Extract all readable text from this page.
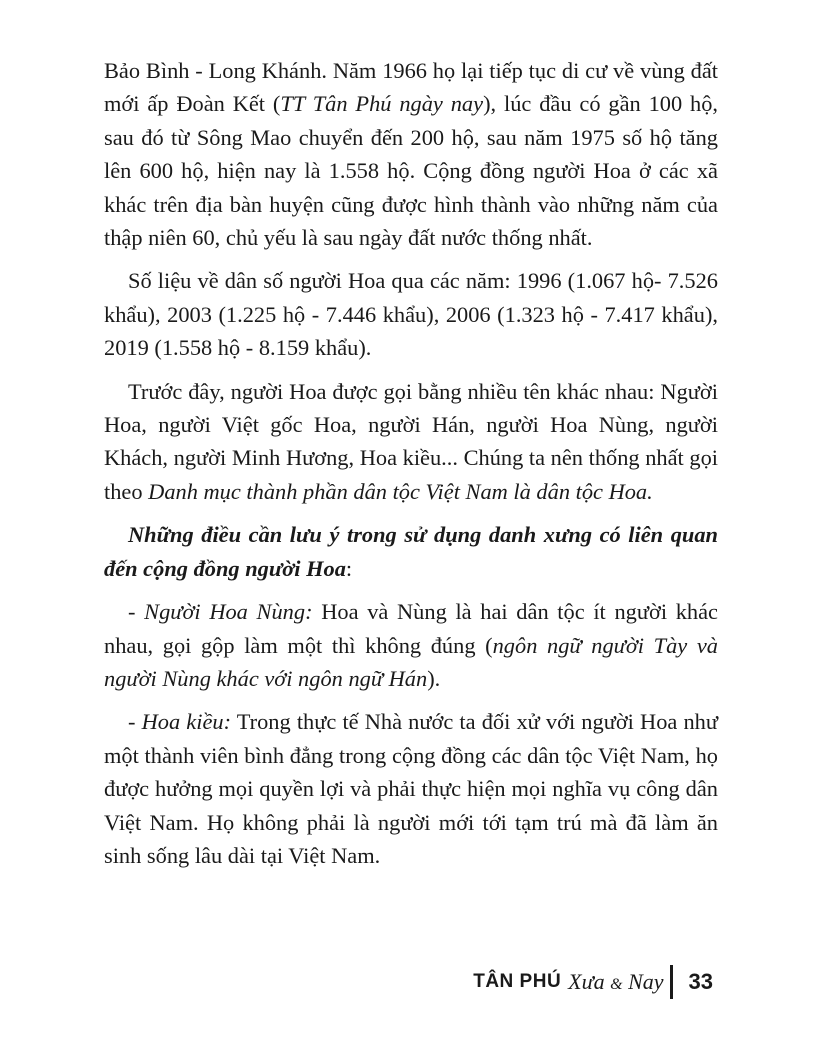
Bảo Bình - Long Khánh. Năm 1966 họ lại tiếp tục di cư về vùng đất mới ấp Đoàn Kết (TT Tân Phú ngày nay), lúc đầu có gần 100 hộ, sau đó từ Sông Mao chuyển đến 200 hộ, sau năm 1975 số hộ tăng lên 600 hộ, hiện nay là 1.558 hộ. Cộng đồng người Hoa ở các xã khác trên địa bàn huyện cũng được hình thành vào những năm của thập niên 60, chủ yếu là sau ngày đất nước thống nhất.

Số liệu về dân số người Hoa qua các năm: 1996 (1.067 hộ- 7.526 khẩu), 2003 (1.225 hộ - 7.446 khẩu), 2006 (1.323 hộ - 7.417 khẩu), 2019 (1.558 hộ - 8.159 khẩu).

Trước đây, người Hoa được gọi bằng nhiều tên khác nhau: Người Hoa, người Việt gốc Hoa, người Hán, người Hoa Nùng, người Khách, người Minh Hương, Hoa kiều... Chúng ta nên thống nhất gọi theo Danh mục thành phần dân tộc Việt Nam là dân tộc Hoa.

Những điều cần lưu ý trong sử dụng danh xưng có liên quan đến cộng đồng người Hoa:

- Người Hoa Nùng: Hoa và Nùng là hai dân tộc ít người khác nhau, gọi gộp làm một thì không đúng (ngôn ngữ người Tày và người Nùng khác với ngôn ngữ Hán).

- Hoa kiều: Trong thực tế Nhà nước ta đối xử với người Hoa như một thành viên bình đẳng trong cộng đồng các dân tộc Việt Nam, họ được hưởng mọi quyền lợi và phải thực hiện mọi nghĩa vụ công dân Việt Nam. Họ không phải là người mới tới tạm trú mà đã làm ăn sinh sống lâu dài tại Việt Nam.

TÂN PHÚ Xưa & Nay 33
